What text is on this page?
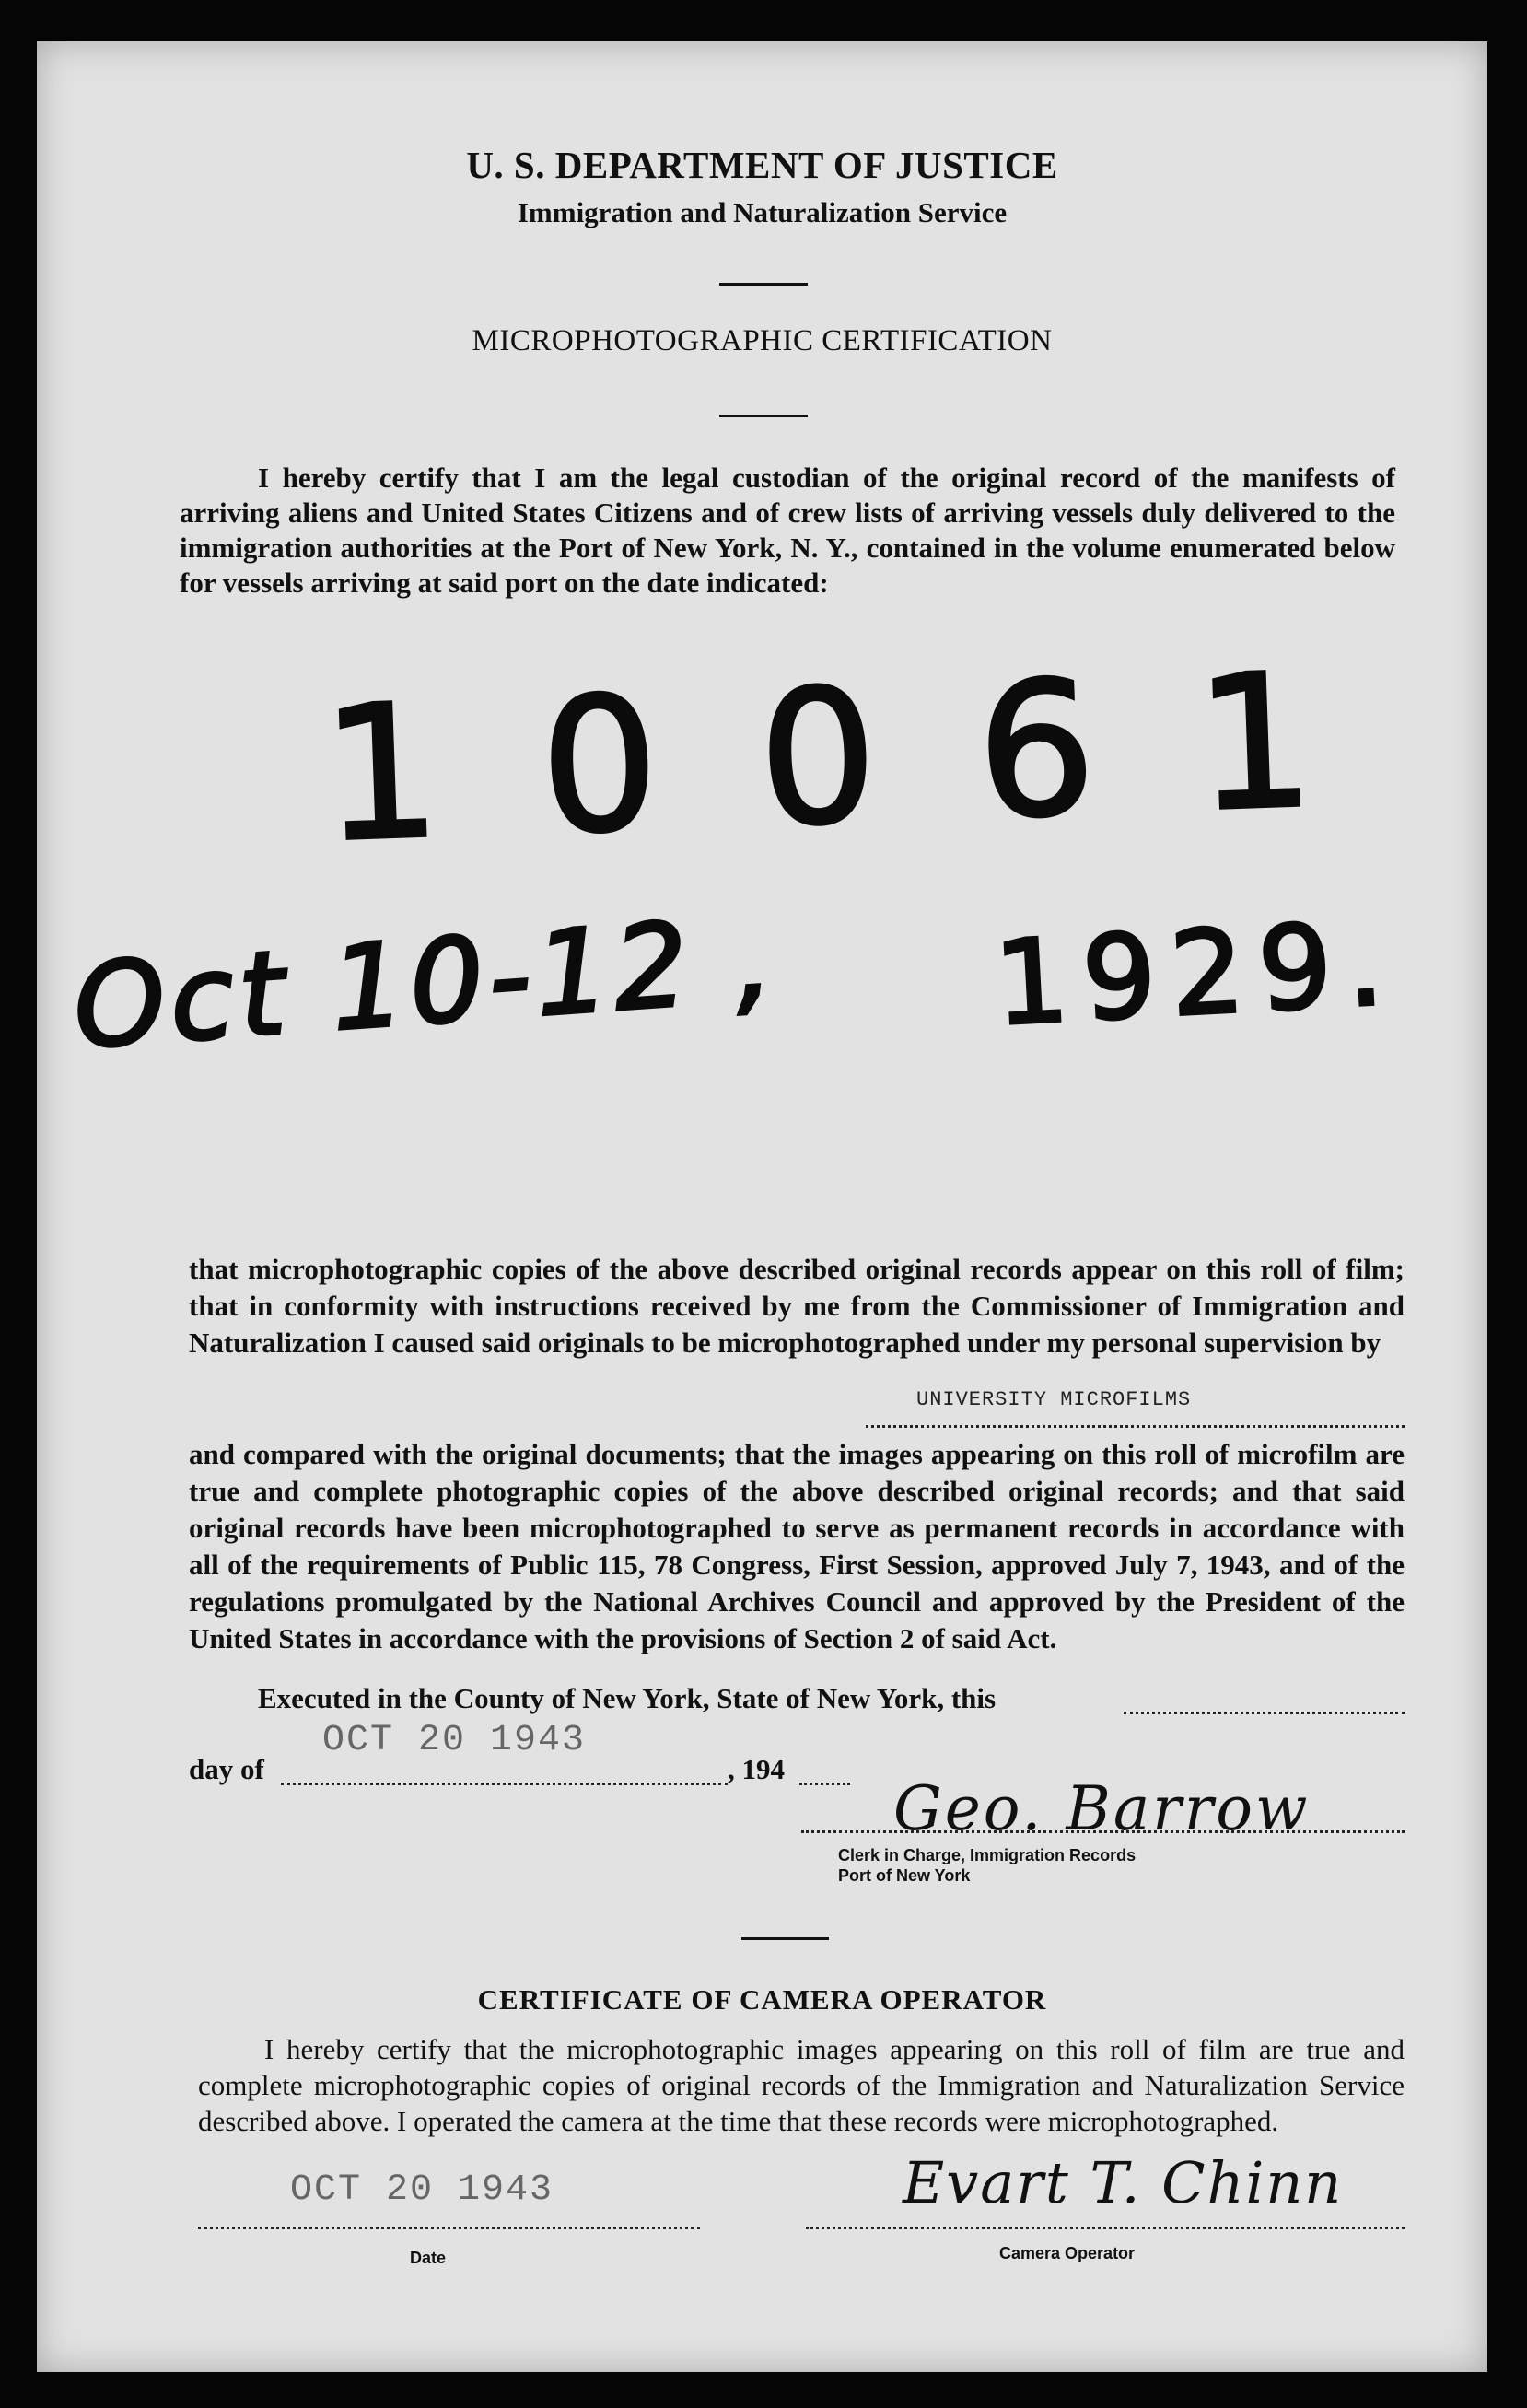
U. S. DEPARTMENT OF JUSTICE
Immigration and Naturalization Service
MICROPHOTOGRAPHIC CERTIFICATION
I hereby certify that I am the legal custodian of the original record of the manifests of arriving aliens and United States Citizens and of crew lists of arriving vessels duly delivered to the immigration authorities at the Port of New York, N. Y., contained in the volume enumerated below for vessels arriving at said port on the date indicated:
10061
Oct 10-12 , 1929.
that microphotographic copies of the above described original records appear on this roll of film; that in conformity with instructions received by me from the Commissioner of Immigration and Naturalization I caused said originals to be microphotographed under my personal supervision by
UNIVERSITY MICROFILMS
and compared with the original documents; that the images appearing on this roll of microfilm are true and complete photographic copies of the above described original records; and that said original records have been microphotographed to serve as permanent records in accordance with all of the requirements of Public 115, 78 Congress, First Session, approved July 7, 1943, and of the regulations promulgated by the National Archives Council and approved by the President of the United States in accordance with the provisions of Section 2 of said Act.
Executed in the County of New York, State of New York, this
day of
OCT 20 1943
, 194
Geo. Barrow
Clerk in Charge, Immigration Records
Port of New York
CERTIFICATE OF CAMERA OPERATOR
I hereby certify that the microphotographic images appearing on this roll of film are true and complete microphotographic copies of original records of the Immigration and Naturalization Service described above. I operated the camera at the time that these records were microphotographed.
OCT 20 1943
Date
Evart T. Chinn
Camera Operator
